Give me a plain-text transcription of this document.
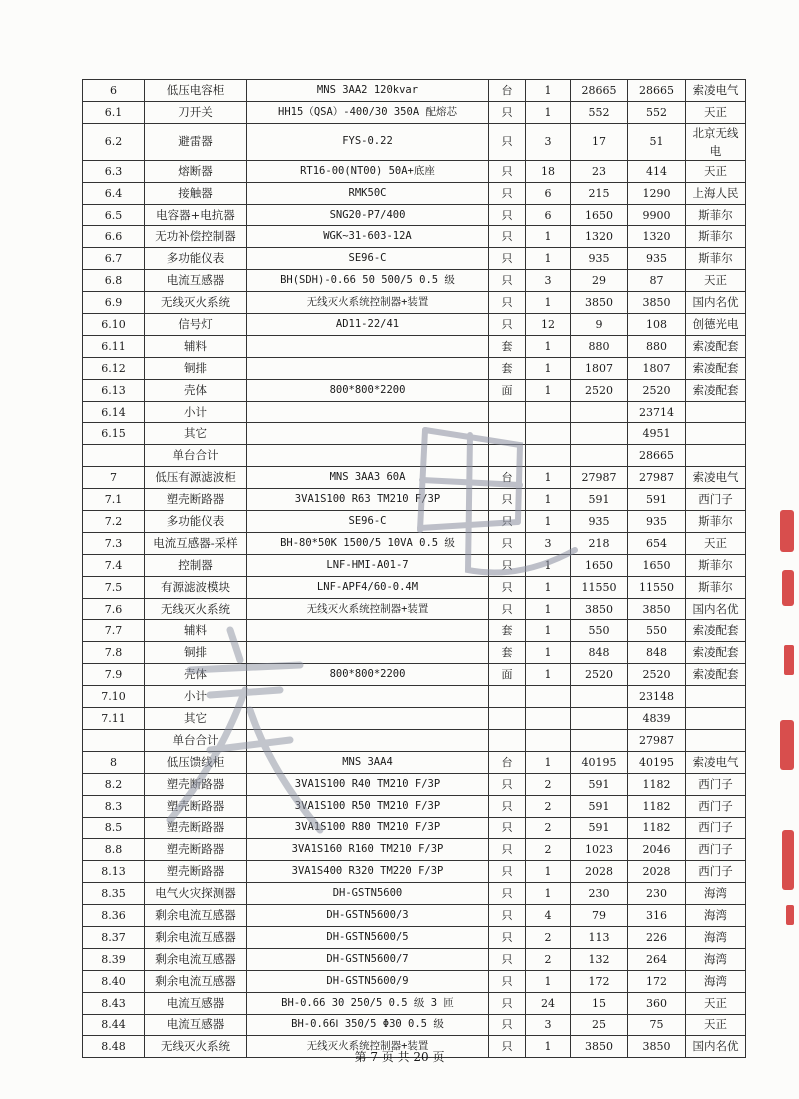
6	低压电容柜	MNS 3AA2 120kvar	台	1	28665	28665	索凌电气
6.1	刀开关	HH15（QSA）-400/30 350A 配熔芯	只	1	552	552	天正
6.2	避雷器	FYS-0.22	只	3	17	51	北京无线电
6.3	熔断器	RT16-00(NT00) 50A+底座	只	18	23	414	天正
6.4	接触器	RMK50C	只	6	215	1290	上海人民
6.5	电容器+电抗器	SNG20-P7/400	只	6	1650	9900	斯菲尔
6.6	无功补偿控制器	WGK~31-603-12A	只	1	1320	1320	斯菲尔
6.7	多功能仪表	SE96-C	只	1	935	935	斯菲尔
6.8	电流互感器	BH(SDH)-0.66 50 500/5 0.5 级	只	3	29	87	天正
6.9	无线灭火系统	无线灭火系统控制器+装置	只	1	3850	3850	国内名优
6.10	信号灯	AD11-22/41	只	12	9	108	创德光电
6.11	辅料		套	1	880	880	索凌配套
6.12	铜排		套	1	1807	1807	索凌配套
6.13	壳体	800*800*2200	面	1	2520	2520	索凌配套
6.14	小计					23714	
6.15	其它					4951	
	单台合计					28665	
7	低压有源滤波柜	MNS 3AA3 60A	台	1	27987	27987	索凌电气
7.1	塑壳断路器	3VA1S100 R63 TM210 F/3P	只	1	591	591	西门子
7.2	多功能仪表	SE96-C	只	1	935	935	斯菲尔
7.3	电流互感器-采样	BH-80*50K 1500/5 10VA 0.5 级	只	3	218	654	天正
7.4	控制器	LNF-HMI-A01-7	只	1	1650	1650	斯菲尔
7.5	有源滤波模块	LNF-APF4/60-0.4M	只	1	11550	11550	斯菲尔
7.6	无线灭火系统	无线灭火系统控制器+装置	只	1	3850	3850	国内名优
7.7	辅料		套	1	550	550	索凌配套
7.8	铜排		套	1	848	848	索凌配套
7.9	壳体	800*800*2200	面	1	2520	2520	索凌配套
7.10	小计					23148	
7.11	其它					4839	
	单台合计					27987	
8	低压馈线柜	MNS 3AA4	台	1	40195	40195	索凌电气
8.2	塑壳断路器	3VA1S100 R40 TM210 F/3P	只	2	591	1182	西门子
8.3	塑壳断路器	3VA1S100 R50 TM210 F/3P	只	2	591	1182	西门子
8.5	塑壳断路器	3VA1S100 R80 TM210 F/3P	只	2	591	1182	西门子
8.8	塑壳断路器	3VA1S160 R160 TM210 F/3P	只	2	1023	2046	西门子
8.13	塑壳断路器	3VA1S400 R320 TM220 F/3P	只	1	2028	2028	西门子
8.35	电气火灾探测器	DH-GSTN5600	只	1	230	230	海湾
8.36	剩余电流互感器	DH-GSTN5600/3	只	4	79	316	海湾
8.37	剩余电流互感器	DH-GSTN5600/5	只	2	113	226	海湾
8.39	剩余电流互感器	DH-GSTN5600/7	只	2	132	264	海湾
8.40	剩余电流互感器	DH-GSTN5600/9	只	1	172	172	海湾
8.43	电流互感器	BH-0.66 30 250/5 0.5 级 3 匝	只	24	15	360	天正
8.44	电流互感器	BH-0.66Ⅰ 350/5 Φ30 0.5 级	只	3	25	75	天正
8.48	无线灭火系统	无线灭火系统控制器+装置	只	1	3850	3850	国内名优
第 7 页 共 20 页
